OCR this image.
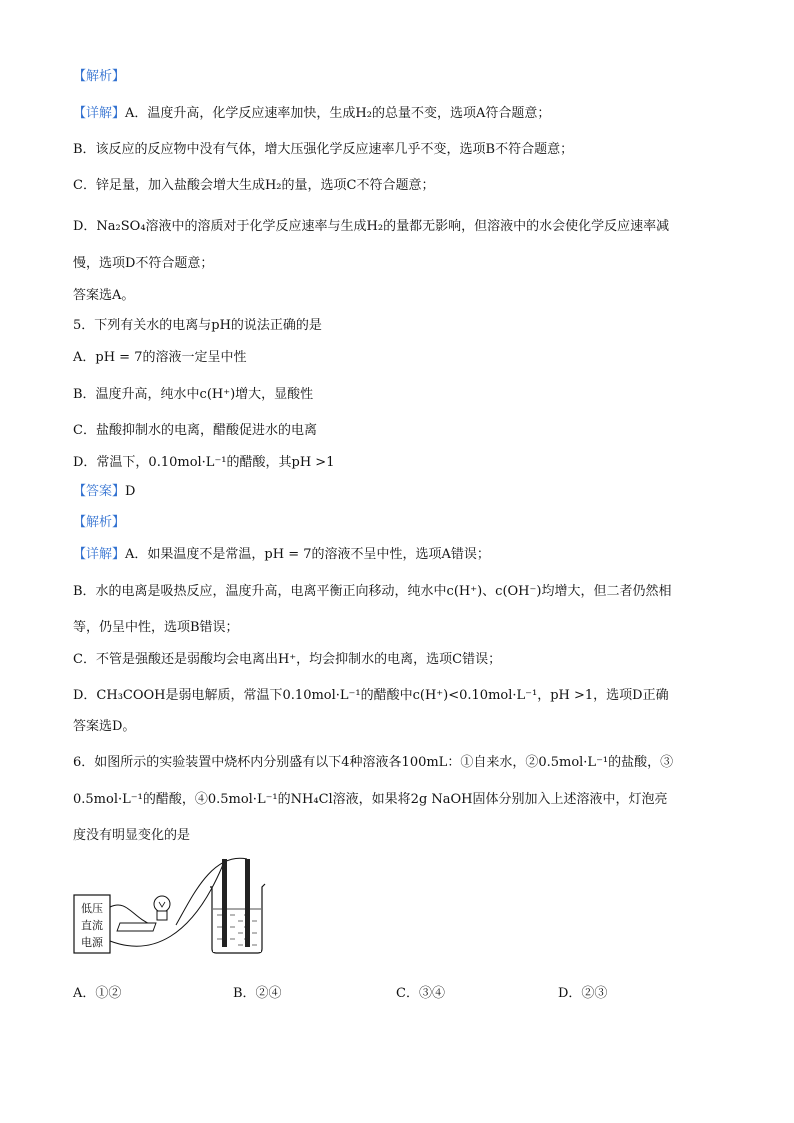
【解析】
【详解】A．温度升高，化学反应速率加快，生成H₂的总量不变，选项A符合题意；
B．该反应的反应物中没有气体，增大压强化学反应速率几乎不变，选项B不符合题意；
C．锌足量，加入盐酸会增大生成H₂的量，选项C不符合题意；
D．Na₂SO₄溶液中的溶质对于化学反应速率与生成H₂的量都无影响，但溶液中的水会使化学反应速率减
慢，选项D不符合题意；
答案选A。
5．下列有关水的电离与pH的说法正确的是
A．pH = 7的溶液一定呈中性
B．温度升高，纯水中c(H⁺)增大，显酸性
C．盐酸抑制水的电离，醋酸促进水的电离
D．常温下，0.10mol·L⁻¹的醋酸，其pH >1
【答案】D
【解析】
【详解】A．如果温度不是常温，pH = 7的溶液不呈中性，选项A错误；
B．水的电离是吸热反应，温度升高，电离平衡正向移动，纯水中c(H⁺)、c(OH⁻)均增大，但二者仍然相
等，仍呈中性，选项B错误；
C．不管是强酸还是弱酸均会电离出H⁺，均会抑制水的电离，选项C错误；
D．CH₃COOH是弱电解质，常温下0.10mol·L⁻¹的醋酸中c(H⁺)<0.10mol·L⁻¹，pH >1，选项D正确
答案选D。
6．如图所示的实验装置中烧杯内分别盛有以下4种溶液各100mL：①自来水，②0.5mol·L⁻¹的盐酸，③
0.5mol·L⁻¹的醋酸，④0.5mol·L⁻¹的NH₄Cl溶液，如果将2g NaOH固体分别加入上述溶液中，灯泡亮
度没有明显变化的是
低压
直流
电源
A．①②	B．②④	C．③④	D．②③
